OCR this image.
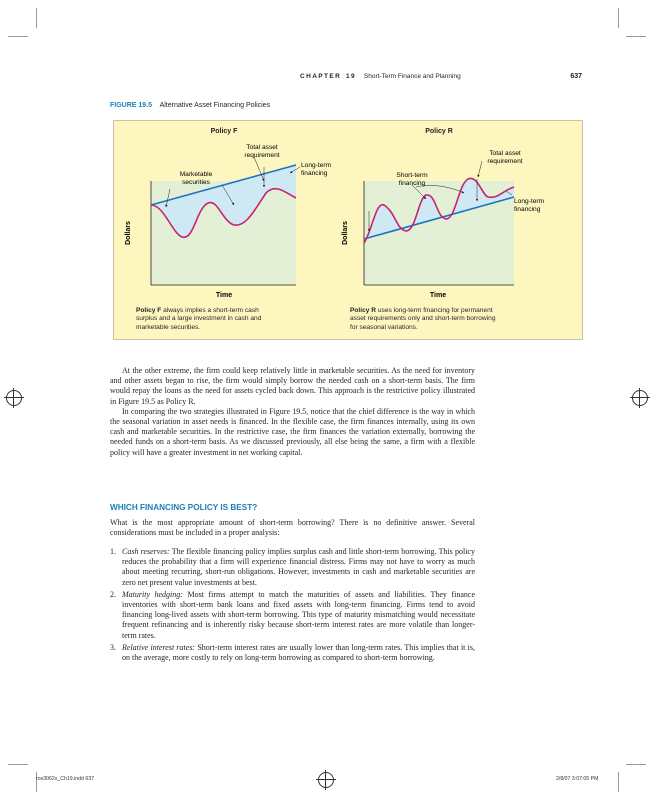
CHAPTER 19 Short-Term Finance and Planning	637
FIGURE 19.5 Alternative Asset Financing Policies
Policy F	Policy R
Dollars
Time
Total asset
requirement
Marketable
securities
Long-term
financing
Dollars
Time
Total asset
requirement
Short-term
financing
Long-term
financing
Policy F always implies a short-term cash
surplus and a large investment in cash and
marketable securities.
Policy R uses long-term financing for permanent
asset requirements only and short-term borrowing
for seasonal variations.

At the other extreme, the firm could keep relatively little in marketable securities. As the need for inventory and other assets began to rise, the firm would simply borrow the needed cash on a short-term basis. The firm would repay the loans as the need for assets cycled back down. This approach is the restrictive policy illustrated in Figure 19.5 as Policy R.

In comparing the two strategies illustrated in Figure 19.5, notice that the chief difference is the way in which the seasonal variation in asset needs is financed. In the flexible case, the firm finances internally, using its own cash and marketable securities. In the restrictive case, the firm finances the variation externally, borrowing the needed funds on a short-term basis. As we discussed previously, all else being the same, a firm with a flexible policy will have a greater investment in net working capital.

WHICH FINANCING POLICY IS BEST?

What is the most appropriate amount of short-term borrowing? There is no definitive answer. Several considerations must be included in a proper analysis:

1. Cash reserves: The flexible financing policy implies surplus cash and little short-term borrowing. This policy reduces the probability that a firm will experience financial distress. Firms may not have to worry as much about meeting recurring, short-run obligations. However, investments in cash and marketable securities are zero net present value investments at best.
2. Maturity hedging: Most firms attempt to match the maturities of assets and liabilities. They finance inventories with short-term bank loans and fixed assets with long-term financing. Firms tend to avoid financing long-lived assets with short-term borrowing. This type of maturity mismatching would necessitate frequent refinancing and is inherently risky because short-term interest rates are more volatile than longer-term rates.
3. Relative interest rates: Short-term interest rates are usually lower than long-term rates. This implies that it is, on the average, more costly to rely on long-term borrowing as compared to short-term borrowing.
ros3062x_Ch19.indd 637	2/8/07 3:07:05 PM
